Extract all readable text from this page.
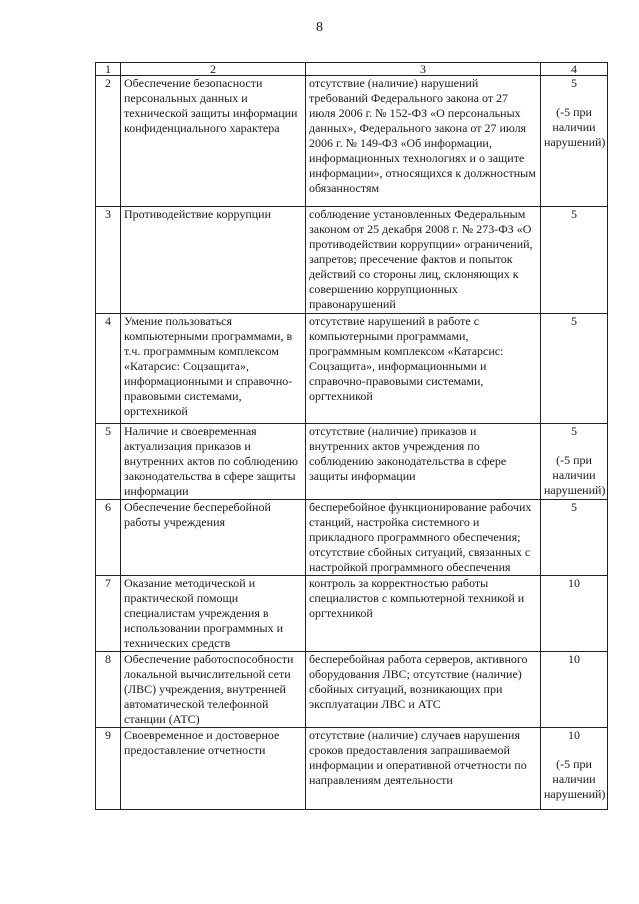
8
1	2	3	4
2	Обеспечение безопасности персональных данных и технической защиты информации конфиденциального характера	отсутствие (наличие) нарушений требований Федерального закона от 27 июля 2006 г. № 152-ФЗ «О персональных данных», Федерального закона от 27 июля 2006 г. № 149-ФЗ «Об информации, информационных технологиях и о защите информации», относящихся к должностным обязанностям	5
(-5 при наличии нарушений)

3	Противодействие коррупции	соблюдение установленных Федеральным законом от 25 декабря 2008 г. № 273-ФЗ «О противодействии коррупции» ограничений, запретов; пресечение фактов и попыток действий со стороны лиц, склоняющих к совершению коррупционных правонарушений	5

4	Умение пользоваться компьютерными программами, в т.ч. программным комплексом «Катарсис: Соцзащита», информационными и справочно-правовыми системами, оргтехникой	отсутствие нарушений в работе с компьютерными программами, программным комплексом «Катарсис: Соцзащита», информационными и справочно-правовыми системами, оргтехникой	5

5	Наличие и своевременная актуализация приказов и внутренних актов по соблюдению законодательства в сфере защиты информации	отсутствие (наличие) приказов и внутренних актов учреждения по соблюдению законодательства в сфере защиты информации	5
(-5 при наличии нарушений)

6	Обеспечение бесперебойной работы учреждения	бесперебойное функционирование рабочих станций, настройка системного и прикладного программного обеспечения; отсутствие сбойных ситуаций, связанных с настройкой программного обеспечения	5

7	Оказание методической и практической помощи специалистам учреждения в использовании программных и технических средств	контроль за корректностью работы специалистов с компьютерной техникой и оргтехникой	10

8	Обеспечение работоспособности локальной вычислительной сети (ЛВС) учреждения, внутренней автоматической телефонной станции (АТС)	бесперебойная работа серверов, активного оборудования ЛВС; отсутствие (наличие) сбойных ситуаций, возникающих при эксплуатации ЛВС и АТС	10

9	Своевременное и достоверное предоставление отчетности	отсутствие (наличие) случаев нарушения сроков предоставления запрашиваемой информации и оперативной отчетности по направлениям деятельности	10
(-5 при наличии нарушений)
